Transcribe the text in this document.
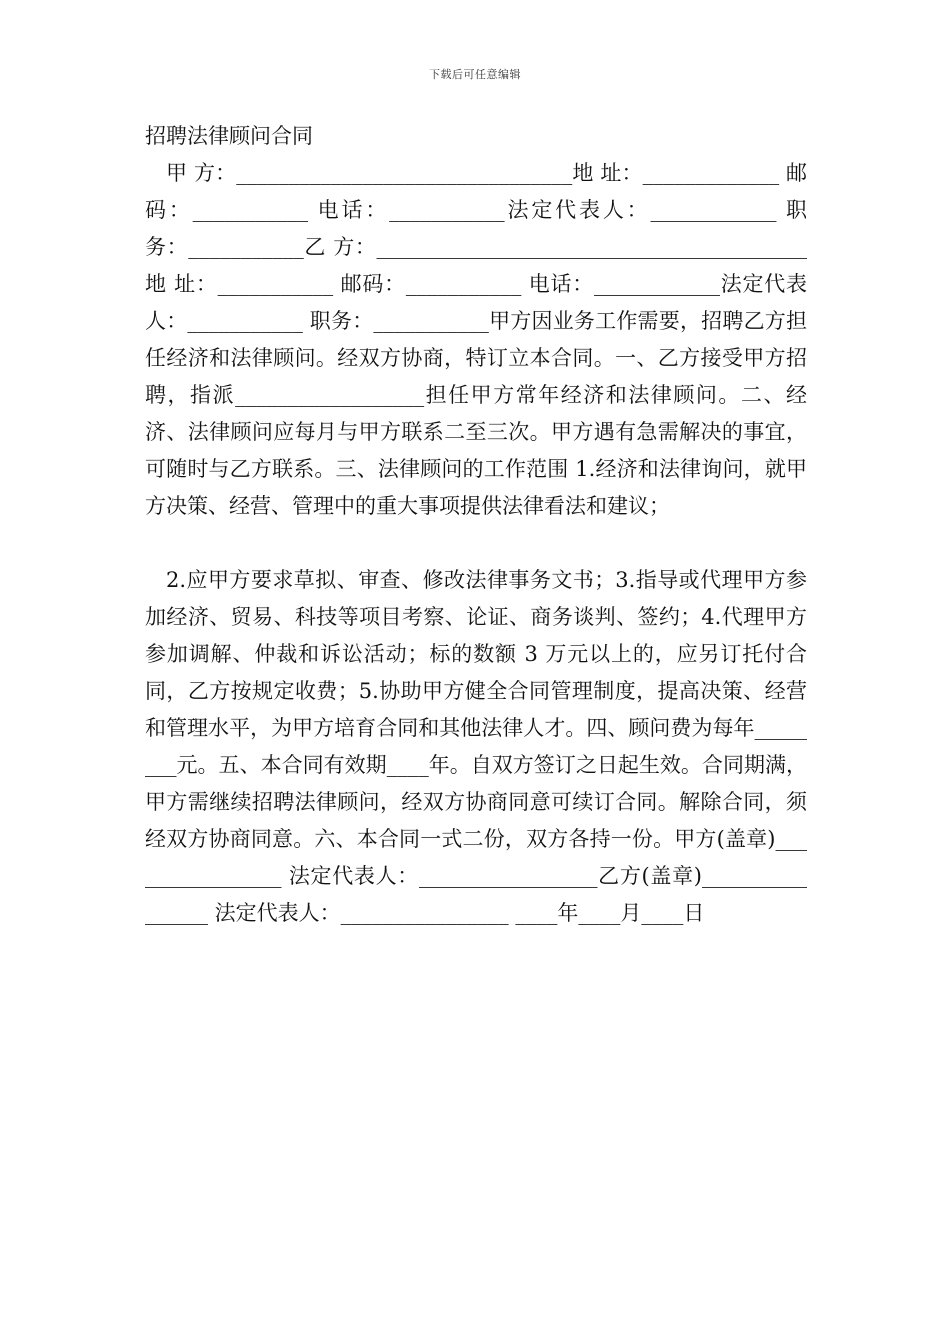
下载后可任意编辑
招聘法律顾问合同

甲 方：________________________________地 址：_____________ 邮码：___________ 电话：___________法定代表人：____________ 职务：___________乙 方：_________________________________________地 址：___________ 邮码：___________ 电话：____________法定代表人：___________ 职务：___________甲方因业务工作需要，招聘乙方担任经济和法律顾问。经双方协商，特订立本合同。一、乙方接受甲方招聘，指派__________________担任甲方常年经济和法律顾问。二、经济、法律顾问应每月与甲方联系二至三次。甲方遇有急需解决的事宜，可随时与乙方联系。三、法律顾问的工作范围 1.经济和法律询问，就甲方决策、经营、管理中的重大事项提供法律看法和建议；

2.应甲方要求草拟、审查、修改法律事务文书；3.指导或代理甲方参加经济、贸易、科技等项目考察、论证、商务谈判、签约；4.代理甲方参加调解、仲裁和诉讼活动；标的数额 3 万元以上的，应另订托付合同，乙方按规定收费；5.协助甲方健全合同管理制度，提高决策、经营和管理水平，为甲方培育合同和其他法律人才。四、顾问费为每年________元。五、本合同有效期____年。自双方签订之日起生效。合同期满，甲方需继续招聘法律顾问，经双方协商同意可续订合同。解除合同，须经双方协商同意。六、本合同一式二份，双方各持一份。甲方(盖章)________________ 法定代表人：_________________乙方(盖章)________________ 法定代表人：________________ ____年____月____日
